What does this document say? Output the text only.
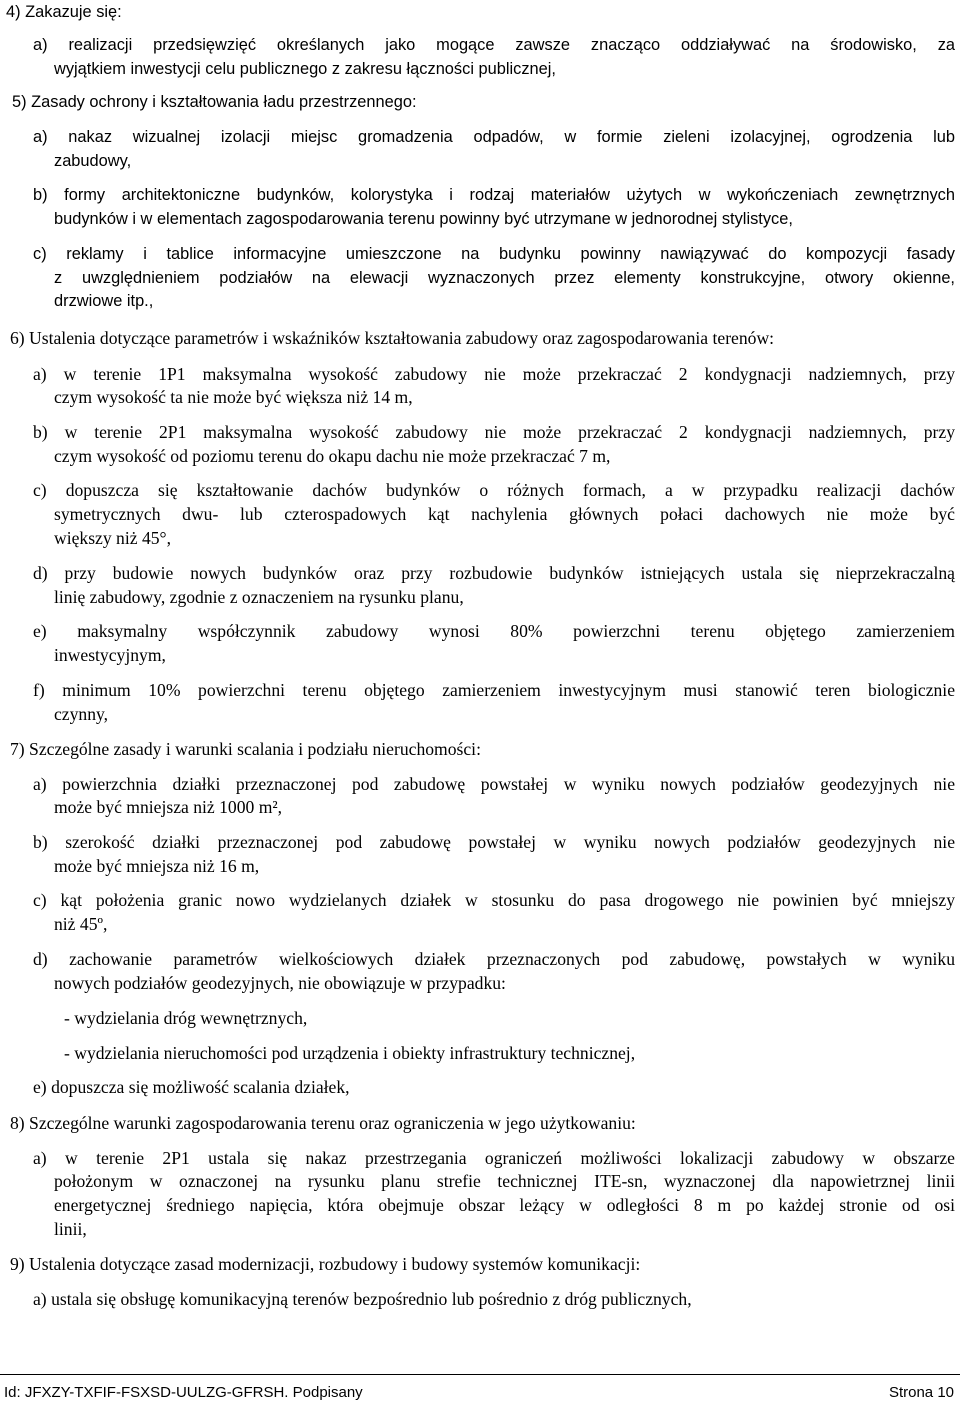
4) Zakazuje się:

a) realizacji przedsięwzięć określanych jako mogące zawsze znacząco oddziaływać na środowisko, za

wyjątkiem inwestycji celu publicznego z zakresu łączności publicznej,

5) Zasady ochrony i kształtowania ładu przestrzennego:

a) nakaz wizualnej izolacji miejsc gromadzenia odpadów, w formie zieleni izolacyjnej, ogrodzenia lub

zabudowy,

b) formy architektoniczne budynków, kolorystyka i rodzaj materiałów użytych w wykończeniach zewnętrznych

budynków i w elementach zagospodarowania terenu powinny być utrzymane w jednorodnej stylistyce,

c) reklamy i tablice informacyjne umieszczone na budynku powinny nawiązywać do kompozycji fasady

z uwzględnieniem podziałów na elewacji wyznaczonych przez elementy konstrukcyjne, otwory okienne,

drzwiowe itp.,

6) Ustalenia dotyczące parametrów i wskaźników kształtowania zabudowy oraz zagospodarowania terenów:

a) w terenie 1P1 maksymalna wysokość zabudowy nie może przekraczać 2 kondygnacji nadziemnych, przy

czym wysokość ta nie może być większa niż 14 m,

b) w terenie 2P1 maksymalna wysokość zabudowy nie może przekraczać 2 kondygnacji nadziemnych, przy

czym wysokość od poziomu terenu do okapu dachu nie może przekraczać 7 m,

c) dopuszcza się kształtowanie dachów budynków o różnych formach, a w przypadku realizacji dachów

symetrycznych dwu- lub czterospadowych kąt nachylenia głównych połaci dachowych nie może być

większy niż 45°,

d) przy budowie nowych budynków oraz przy rozbudowie budynków istniejących ustala się nieprzekraczalną

linię zabudowy, zgodnie z oznaczeniem na rysunku planu,

e) maksymalny współczynnik zabudowy wynosi 80% powierzchni terenu objętego zamierzeniem

inwestycyjnym,

f) minimum 10% powierzchni terenu objętego zamierzeniem inwestycyjnym musi stanowić teren biologicznie

czynny,

7) Szczególne zasady i warunki scalania i podziału nieruchomości:

a) powierzchnia działki przeznaczonej pod zabudowę powstałej w wyniku nowych podziałów geodezyjnych nie

może być mniejsza niż 1000 m²,

b) szerokość działki przeznaczonej pod zabudowę powstałej w wyniku nowych podziałów geodezyjnych nie

może być mniejsza niż 16 m,

c) kąt położenia granic nowo wydzielanych działek w stosunku do pasa drogowego nie powinien być mniejszy

niż 45º,

d) zachowanie parametrów wielkościowych działek przeznaczonych pod zabudowę, powstałych w wyniku

nowych podziałów geodezyjnych, nie obowiązuje w przypadku:

- wydzielania dróg wewnętrznych,

- wydzielania nieruchomości pod urządzenia i obiekty infrastruktury technicznej,

e) dopuszcza się możliwość scalania działek,

8) Szczególne warunki zagospodarowania terenu oraz ograniczenia w jego użytkowaniu:

a) w terenie 2P1 ustala się nakaz przestrzegania ograniczeń możliwości lokalizacji zabudowy w obszarze

położonym w oznaczonej na rysunku planu strefie technicznej ITE-sn, wyznaczonej dla napowietrznej linii

energetycznej średniego napięcia, która obejmuje obszar leżący w odległości 8 m po każdej stronie od osi

linii,

9) Ustalenia dotyczące zasad modernizacji, rozbudowy i budowy systemów komunikacji:

a) ustala się obsługę komunikacyjną terenów bezpośrednio lub pośrednio z dróg publicznych,

Id: JFXZY-TXFIF-FSXSD-UULZG-GFRSH. Podpisany	Strona 10
